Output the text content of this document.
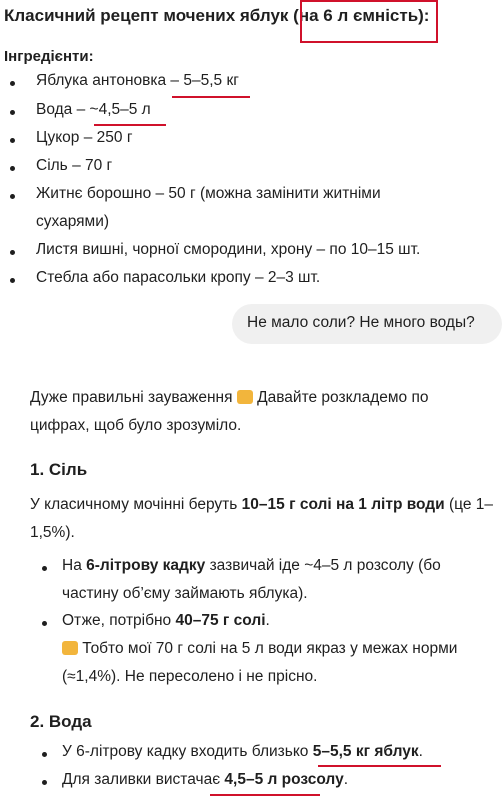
Класичний рецепт мочених яблук (на 6 л ємність):
Інгредієнти:
Яблука антоновка – 5–5,5 кг
Вода – ~4,5–5 л
Цукор – 250 г
Сіль – 70 г
Житнє борошно – 50 г (можна замінити житніми
сухарями)
Листя вишні, чорної смородини, хрону – по 10–15 шт.
Стебла або парасольки кропу – 2–3 шт.
Не мало соли? Не много воды?
Дуже правильні зауваження  Давайте розкладемо по
цифрах, щоб було зрозуміло.
1. Сіль
У класичному мочінні беруть 10–15 г солі на 1 літр води (це 1–
1,5%).
На 6-літрову кадку зазвичай іде ~4–5 л розсолу (бо
частину об’єму займають яблука).
Отже, потрібно 40–75 г солі.
Тобто мої 70 г солі на 5 л води якраз у межах норми
(≈1,4%). Не пересолено і не прісно.
2. Вода
У 6-літрову кадку входить близько 5–5,5 кг яблук.
Для заливки вистачає 4,5–5 л розсолу.
